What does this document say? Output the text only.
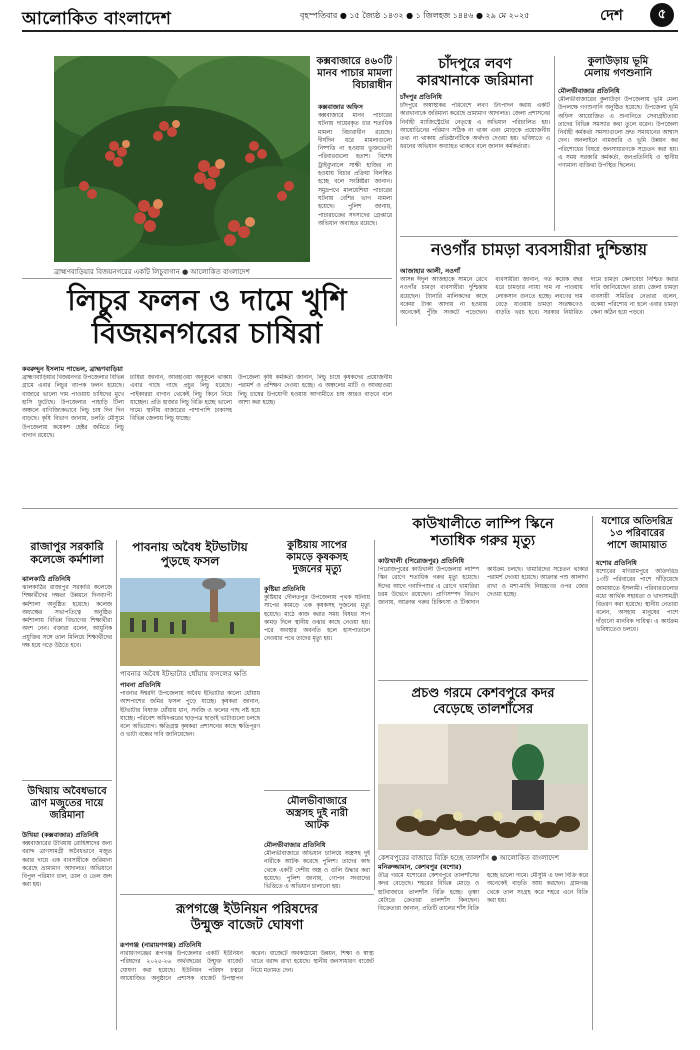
আলোকিত বাংলাদেশ	বৃহস্পতিবার ● ১৫ জ্যৈষ্ঠ ১৪৩২ ● ১ জিলহজ ১৪৪৬ ● ২৯ মে ২০২৫	দেশ	৫
ব্রাহ্মণবাড়িয়ার বিজয়নগরের একটি লিচুবাগান ● আলোকিত বাংলাদেশ
কক্সবাজারে ৪৬০টি মানব পাচার মামলা বিচারাধীন
কক্সবাজার অফিস
কক্সবাজারে মানব পাচারের ঘটনায় দায়েরকৃত চার শতাধিক মামলা বিচারাধীন রয়েছে। দীর্ঘদিন ধরে মামলাগুলো নিষ্পত্তি না হওয়ায় ভুক্তভোগী পরিবারগুলো হতাশ। বিশেষ ট্রাইব্যুনালে সাক্ষী হাজির না হওয়ায় বিচার প্রক্রিয়া বিলম্বিত হচ্ছে বলে সংশ্লিষ্টরা জানান। সমুদ্রপথে মালয়েশিয়া পাচারের ঘটনায় বেশির ভাগ মামলা হয়েছে। পুলিশ জানায়, পাচারচক্রের সদস্যদের গ্রেপ্তারে অভিযান অব্যাহত রয়েছে।
চাঁদপুরে লবণ
কারখানাকে জরিমানা
চাঁদপুর প্রতিনিধি
চাঁদপুরে অস্বাস্থ্যকর পরিবেশে লবণ উৎপাদন করায় একটি কারখানাকে জরিমানা করেছে ভ্রাম্যমাণ আদালত। জেলা প্রশাসনের নির্বাহী ম্যাজিস্ট্রেটের নেতৃত্বে এ অভিযান পরিচালিত হয়। আয়োডিনের পরিমাণ সঠিক না থাকা এবং মোড়কে প্রয়োজনীয় তথ্য না থাকায় প্রতিষ্ঠানটিকে অর্থদণ্ড দেওয়া হয়। ভবিষ্যতে এ ধরনের অভিযান অব্যাহত থাকবে বলে জানান কর্মকর্তারা।
কুলাউড়ায় ভূমি
মেলায় গণশুনানি
মৌলভীবাজার প্রতিনিধি
মৌলভীবাজারের কুলাউড়া উপজেলায় ভূমি মেলা উপলক্ষে গণশুনানি অনুষ্ঠিত হয়েছে। উপজেলা ভূমি অফিস আয়োজিত এ শুনানিতে সেবাগ্রহীতারা তাদের বিভিন্ন সমস্যার কথা তুলে ধরেন। উপজেলা নির্বাহী কর্মকর্তা সমস্যাগুলো দ্রুত সমাধানের আশ্বাস দেন। অনলাইনে নামজারি ও ভূমি উন্নয়ন কর পরিশোধের বিষয়ে জনসাধারণকে সচেতন করা হয়। এ সময় সরকারি কর্মকর্তা, জনপ্রতিনিধি ও স্থানীয় গণ্যমান্য ব্যক্তিরা উপস্থিত ছিলেন।
নওগাঁর চামড়া ব্যবসায়ীরা দুশ্চিন্তায়
আজাহার আলী, নওগাঁ
আসন্ন ঈদুল আজহাকে সামনে রেখে নওগাঁর চামড়া ব্যবসায়ীরা দুশ্চিন্তায় রয়েছেন। ট্যানারি মালিকদের কাছে বকেয়া টাকা আদায় না হওয়ায় অনেকেই পুঁজি সংকটে পড়েছেন। ব্যবসায়ীরা জানান, গত কয়েক বছর ধরে চামড়ার ন্যায্য দাম না পাওয়ায় লোকসান গুনতে হচ্ছে। লবণের দাম বেড়ে যাওয়ায় চামড়া সংরক্ষণেও বাড়তি খরচ হবে। সরকার নির্ধারিত দামে চামড়া কেনাবেচা নিশ্চিত করার দাবি জানিয়েছেন তারা। জেলা চামড়া ব্যবসায়ী সমিতির নেতারা বলেন, বকেয়া পরিশোধ না হলে এবার চামড়া কেনা কঠিন হয়ে পড়বে।
লিচুর ফলন ও দামে খুশি
বিজয়নগরের চাষিরা
কবরুদ্দুন ইসলাম পাভেল, ব্রাহ্মণবাড়িয়া
ব্রাহ্মণবাড়িয়ার বিজয়নগর উপজেলার বিভিন্ন গ্রামে এবার লিচুর ব্যাপক ফলন হয়েছে। বাজারে ভালো দাম পাওয়ায় চাষিদের মুখে হাসি ফুটেছে। উপজেলার পাহাড়ি টিলা অঞ্চলে বাণিজ্যিকভাবে লিচু চাষ দিন দিন বাড়ছে। কৃষি বিভাগ জানায়, চলতি মৌসুমে উপজেলায় কয়েকশ হেক্টর জমিতে লিচু বাগান রয়েছে।
চাষিরা জানান, আবহাওয়া অনুকূলে থাকায় এবার গাছে গাছে প্রচুর লিচু ধরেছে। পাইকাররা বাগান থেকেই লিচু কিনে নিয়ে যাচ্ছেন। প্রতি হাজার লিচু বিক্রি হচ্ছে ভালো দামে। স্থানীয় বাজারের পাশাপাশি ঢাকাসহ বিভিন্ন জেলায় লিচু যাচ্ছে।
উপজেলা কৃষি কর্মকর্তা জানান, লিচু চাষে কৃষকদের প্রয়োজনীয় পরামর্শ ও প্রশিক্ষণ দেওয়া হচ্ছে। এ অঞ্চলের মাটি ও আবহাওয়া লিচু চাষের উপযোগী হওয়ায় আগামীতে চাষ আরও বাড়বে বলে আশা করা হচ্ছে।
রাজাপুর সরকারি
কলেজে কর্মশালা
ঝালকাঠি প্রতিনিধি
ঝালকাঠির রাজাপুর সরকারি কলেজে শিক্ষার্থীদের দক্ষতা উন্নয়নে দিনব্যাপী কর্মশালা অনুষ্ঠিত হয়েছে। কলেজ অধ্যক্ষের সভাপতিত্বে অনুষ্ঠিত কর্মশালায় বিভিন্ন বিভাগের শিক্ষার্থীরা অংশ নেন। বক্তারা বলেন, আধুনিক প্রযুক্তির সঙ্গে তাল মিলিয়ে শিক্ষার্থীদের দক্ষ হয়ে গড়ে উঠতে হবে।
পাবনায় অবৈধ ইটভাটায়
পুড়ছে ফসল
পাবনার অবৈধ ইটভাটার ধোঁয়ায় ফসলের ক্ষতি
পাবনা প্রতিনিধি
পাবনার ঈশ্বরদী উপজেলায় অবৈধ ইটভাটার কালো ধোঁয়ায় আশপাশের জমির ফসল পুড়ে যাচ্ছে। কৃষকরা জানান, ইটভাটার বিষাক্ত ধোঁয়ায় ধান, সবজি ও ফলের গাছ নষ্ট হয়ে যাচ্ছে। পরিবেশ অধিদপ্তরের ছাড়পত্র ছাড়াই ভাটাগুলো চলছে বলে অভিযোগ। ক্ষতিগ্রস্ত কৃষকরা প্রশাসনের কাছে ক্ষতিপূরণ ও ভাটা বন্ধের দাবি জানিয়েছেন।
কুষ্টিয়ায় সাপের
কামড়ে কৃষকসহ
দুজনের মৃত্যু
কুষ্টিয়া প্রতিনিধি
কুষ্টিয়ার দৌলতপুর উপজেলায় পৃথক ঘটনায় সাপের কামড়ে এক কৃষকসহ দুজনের মৃত্যু হয়েছে। মাঠে কাজ করার সময় বিষধর সাপ কামড় দিলে স্থানীয় ওঝার কাছে নেওয়া হয়। পরে অবস্থার অবনতি হলে হাসপাতালে নেওয়ার পথে তাদের মৃত্যু হয়।
কাউখালীতে লাম্পি স্কিনে
শতাধিক গরুর মৃত্যু
কাউখালী (পিরোজপুর) প্রতিনিধি
পিরোজপুরের কাউখালী উপজেলায় লাম্পি স্কিন রোগে শতাধিক গরুর মৃত্যু হয়েছে। ঈদের আগে গবাদিপশুর এ রোগে খামারিরা চরম উদ্বেগে রয়েছেন। প্রাণিসম্পদ বিভাগ জানায়, আক্রান্ত গরুর চিকিৎসা ও টিকাদান কার্যক্রম চলছে। খামারিদের সচেতন থাকার পরামর্শ দেওয়া হয়েছে। আক্রান্ত পশু আলাদা রাখা ও মশা-মাছি নিয়ন্ত্রণের ওপর জোর দেওয়া হচ্ছে।
যশোরে অতিদরিদ্র
১৩ পরিবারের
পাশে জামায়াত
যশোর প্রতিনিধি
যশোরের মণিরামপুরে অতিদরিদ্র ১৩টি পরিবারের পাশে দাঁড়িয়েছে জামায়াতে ইসলামী। পরিবারগুলোর মধ্যে আর্থিক সহায়তা ও খাদ্যসামগ্রী বিতরণ করা হয়েছে। স্থানীয় নেতারা বলেন, অসহায় মানুষের পাশে দাঁড়ানো মানবিক দায়িত্ব। এ কার্যক্রম ভবিষ্যতেও চলবে।
প্রচণ্ড গরমে কেশবপুরে কদর
বেড়েছে তালশাঁসের
কেশবপুরের বাজারে বিক্রি হচ্ছে তালশাঁস ● আলোকিত বাংলাদেশ
মনিরুজ্জামান, কেশবপুর (যশোর)
তীব্র গরমে যশোরের কেশবপুরে তালশাঁসের কদর বেড়েছে। শহরের বিভিন্ন মোড়ে ও হাটবাজারে তালশাঁস বিক্রি হচ্ছে। তৃষ্ণা মেটাতে ক্রেতারা তালশাঁস কিনছেন। বিক্রেতারা জানান, প্রতিটি তালের শাঁস বিক্রি হচ্ছে ভালো দামে। মৌসুমি এ ফল বিক্রি করে অনেকেই বাড়তি আয় করছেন। গ্রামগঞ্জ থেকে তাল সংগ্রহ করে শহরে এনে বিক্রি করা হয়।
মৌলভীবাজারে
অস্ত্রসহ দুই নারী
আটক
মৌলভীবাজার প্রতিনিধি
মৌলভীবাজারে অভিযান চালিয়ে অস্ত্রসহ দুই নারীকে আটক করেছে পুলিশ। তাদের কাছ থেকে একটি দেশীয় অস্ত্র ও গুলি উদ্ধার করা হয়েছে। পুলিশ জানায়, গোপন সংবাদের ভিত্তিতে এ অভিযান চালানো হয়।
উখিয়ায় অবৈধভাবে
ত্রাণ মজুতের দায়ে
জরিমানা
উখিয়া (কক্সবাজার) প্রতিনিধি
কক্সবাজারের উখিয়ায় রোহিঙ্গাদের জন্য বরাদ্দ ত্রাণসামগ্রী অবৈধভাবে মজুত করার দায়ে এক ব্যবসায়ীকে জরিমানা করেছে ভ্রাম্যমাণ আদালত। অভিযানে বিপুল পরিমাণ চাল, ডাল ও তেল জব্দ করা হয়।
রূপগঞ্জে ইউনিয়ন পরিষদের
উন্মুক্ত বাজেট ঘোষণা
রূপগঞ্জ (নারায়ণগঞ্জ) প্রতিনিধি
নারায়ণগঞ্জের রূপগঞ্জ উপজেলার একটি ইউনিয়ন পরিষদের ২০২৫-২৬ অর্থবছরের উন্মুক্ত বাজেট ঘোষণা করা হয়েছে। ইউনিয়ন পরিষদ চত্বরে আয়োজিত অনুষ্ঠানে প্রশাসক বাজেট উপস্থাপন করেন। বাজেটে অবকাঠামো উন্নয়ন, শিক্ষা ও স্বাস্থ্য খাতে বরাদ্দ রাখা হয়েছে। স্থানীয় জনসাধারণ বাজেট নিয়ে মতামত দেন।
